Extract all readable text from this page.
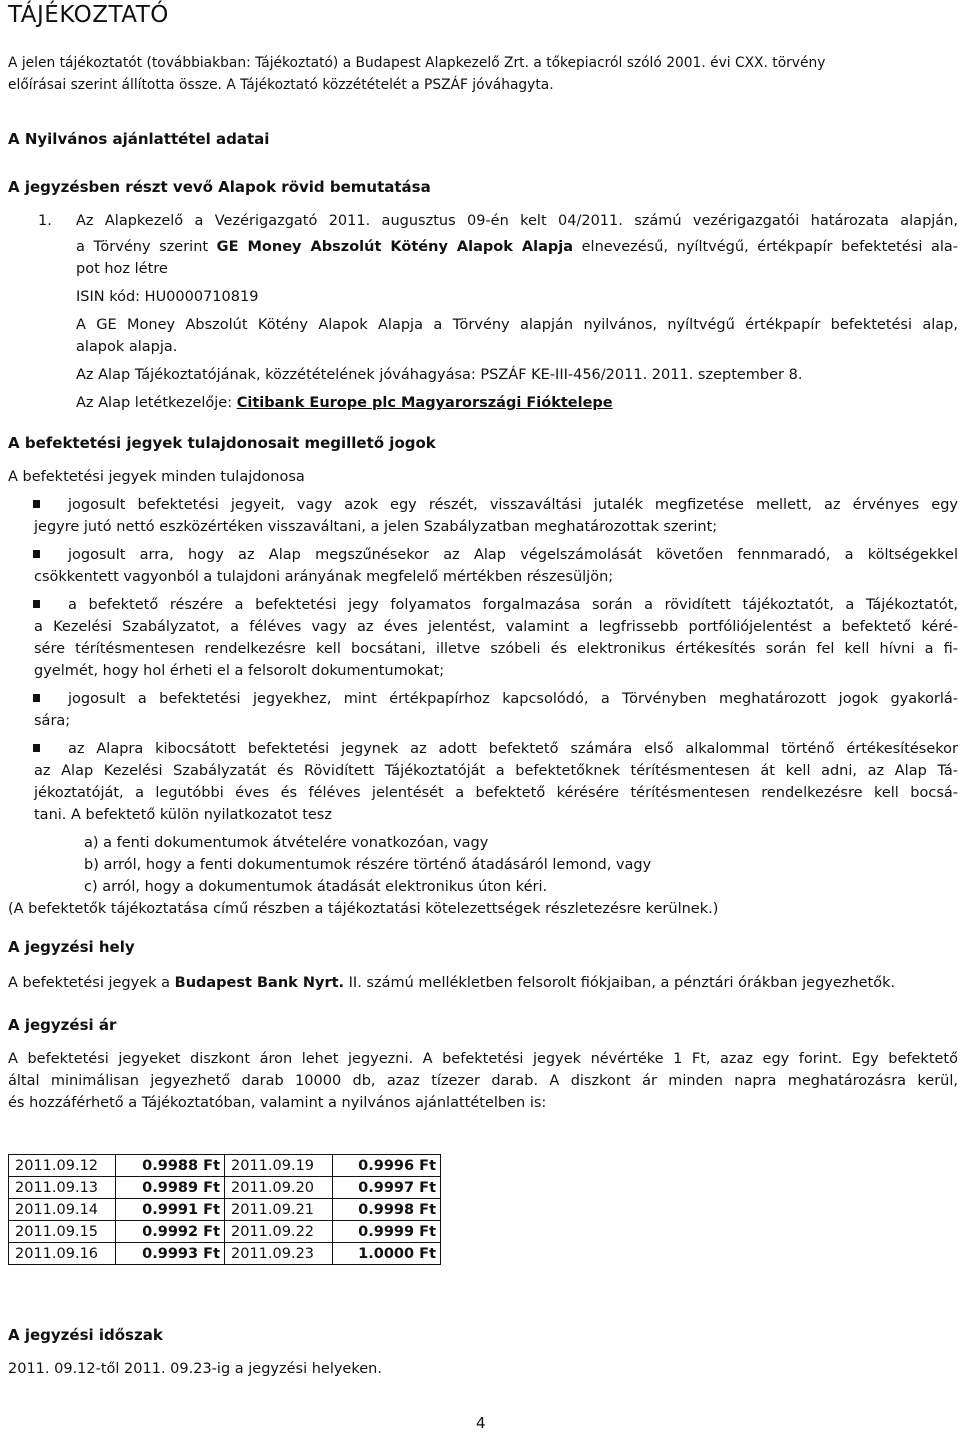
TÁJÉKOZTATÓ
A jelen tájékoztatót (továbbiakban: Tájékoztató) a Budapest Alapkezelő Zrt. a tőkepiacról szóló 2001. évi CXX. törvény
előírásai szerint állította össze. A Tájékoztató közzétételét a PSZÁF jóváhagyta.
A Nyilvános ajánlattétel adatai
A jegyzésben részt vevő Alapok rövid bemutatása
1. Az Alapkezelő a Vezérigazgató 2011. augusztus 09-én kelt 04/2011. számú vezérigazgatói határozata alapján,
a Törvény szerint GE Money Abszolút Kötény Alapok Alapja elnevezésű, nyíltvégű, értékpapír befektetési ala-
pot hoz létre
ISIN kód: HU0000710819
A GE Money Abszolút Kötény Alapok Alapja a Törvény alapján nyilvános, nyíltvégű értékpapír befektetési alap,
alapok alapja.
Az Alap Tájékoztatójának, közzétételének jóváhagyása: PSZÁF KE-III-456/2011. 2011. szeptember 8.
Az Alap letétkezelője: Citibank Europe plc Magyarországi Fióktelepe
A befektetési jegyek tulajdonosait megillető jogok
A befektetési jegyek minden tulajdonosa
jogosult befektetési jegyeit, vagy azok egy részét, visszaváltási jutalék megfizetése mellett, az érvényes egy
jegyre jutó nettó eszközértéken visszaváltani, a jelen Szabályzatban meghatározottak szerint;
jogosult arra, hogy az Alap megszűnésekor az Alap végelszámolását követően fennmaradó, a költségekkel
csökkentett vagyonból a tulajdoni arányának megfelelő mértékben részesüljön;
a befektető részére a befektetési jegy folyamatos forgalmazása során a rövidített tájékoztatót, a Tájékoztatót,
a Kezelési Szabályzatot, a féléves vagy az éves jelentést, valamint a legfrissebb portfóliójelentést a befektető kéré-
sére térítésmentesen rendelkezésre kell bocsátani, illetve szóbeli és elektronikus értékesítés során fel kell hívni a fi-
gyelmét, hogy hol érheti el a felsorolt dokumentumokat;
jogosult a befektetési jegyekhez, mint értékpapírhoz kapcsolódó, a Törvényben meghatározott jogok gyakorlá-
sára;
az Alapra kibocsátott befektetési jegynek az adott befektető számára első alkalommal történő értékesítésekor
az Alap Kezelési Szabályzatát és Rövidített Tájékoztatóját a befektetőknek térítésmentesen át kell adni, az Alap Tá-
jékoztatóját, a legutóbbi éves és féléves jelentését a befektető kérésére térítésmentesen rendelkezésre kell bocsá-
tani. A befektető külön nyilatkozatot tesz
a) a fenti dokumentumok átvételére vonatkozóan, vagy
b) arról, hogy a fenti dokumentumok részére történő átadásáról lemond, vagy
c) arról, hogy a dokumentumok átadását elektronikus úton kéri.
(A befektetők tájékoztatása című részben a tájékoztatási kötelezettségek részletezésre kerülnek.)
A jegyzési hely
A befektetési jegyek a Budapest Bank Nyrt. II. számú mellékletben felsorolt fiókjaiban, a pénztári órákban jegyezhetők.
A jegyzési ár
A befektetési jegyeket diszkont áron lehet jegyezni. A befektetési jegyek névértéke 1 Ft, azaz egy forint. Egy befektető
által minimálisan jegyezhető darab 10000 db, azaz tízezer darab. A diszkont ár minden napra meghatározásra kerül,
és hozzáférhető a Tájékoztatóban, valamint a nyilvános ajánlattételben is:
2011.09.12	0.9988 Ft	2011.09.19	0.9996 Ft
2011.09.13	0.9989 Ft	2011.09.20	0.9997 Ft
2011.09.14	0.9991 Ft	2011.09.21	0.9998 Ft
2011.09.15	0.9992 Ft	2011.09.22	0.9999 Ft
2011.09.16	0.9993 Ft	2011.09.23	1.0000 Ft
A jegyzési időszak
2011. 09.12-től 2011. 09.23-ig a jegyzési helyeken.
4
